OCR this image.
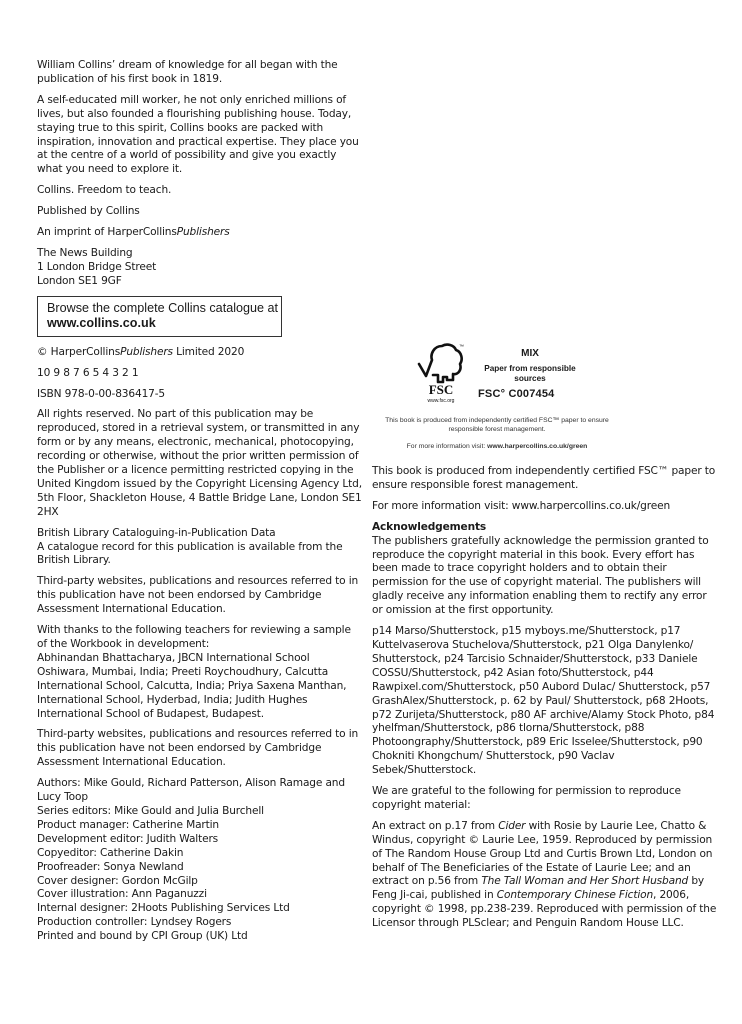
William Collins’ dream of knowledge for all began with the publication of his first book in 1819.

A self-educated mill worker, he not only enriched millions of lives, but also founded a flourishing publishing house. Today, staying true to this spirit, Collins books are packed with inspiration, innovation and practical expertise. They place you at the centre of a world of possibility and give you exactly what you need to explore it.

Collins. Freedom to teach.

Published by Collins

An imprint of HarperCollinsPublishers

The News Building
1 London Bridge Street
London SE1 9GF

Browse the complete Collins catalogue at
www.collins.co.uk

© HarperCollinsPublishers Limited 2020

10 9 8 7 6 5 4 3 2 1

ISBN 978-0-00-836417-5

All rights reserved. No part of this publication may be reproduced, stored in a retrieval system, or transmitted in any form or by any means, electronic, mechanical, photocopying, recording or otherwise, without the prior written permission of the Publisher or a licence permitting restricted copying in the United Kingdom issued by the Copyright Licensing Agency Ltd, 5th Floor, Shackleton House, 4 Battle Bridge Lane, London SE1 2HX

British Library Cataloguing-in-Publication Data
A catalogue record for this publication is available from the British Library.

Third-party websites, publications and resources referred to in this publication have not been endorsed by Cambridge Assessment International Education.

With thanks to the following teachers for reviewing a sample of the Workbook in development:
Abhinandan Bhattacharya, JBCN International School Oshiwara, Mumbai, India; Preeti Roychoudhury, Calcutta International School, Calcutta, India; Priya Saxena Manthan, International School, Hyderbad, India; Judith Hughes International School of Budapest, Budapest.

Third-party websites, publications and resources referred to in this publication have not been endorsed by Cambridge Assessment International Education.

Authors: Mike Gould, Richard Patterson, Alison Ramage and Lucy Toop
Series editors: Mike Gould and Julia Burchell
Product manager: Catherine Martin
Development editor: Judith Walters
Copyeditor: Catherine Dakin
Proofreader: Sonya Newland
Cover designer: Gordon McGilp
Cover illustration: Ann Paganuzzi
Internal designer: 2Hoots Publishing Services Ltd
Production controller: Lyndsey Rogers
Printed and bound by CPI Group (UK) Ltd

™
FSC
www.fsc.org
MIX
Paper from responsible sources
FSC° C007454
This book is produced from independently certified FSC™ paper to ensure responsible forest management.
For more information visit: www.harpercollins.co.uk/green

This book is produced from independently certified FSC™ paper to ensure responsible forest management.

For more information visit: www.harpercollins.co.uk/green

Acknowledgements
The publishers gratefully acknowledge the permission granted to reproduce the copyright material in this book. Every effort has been made to trace copyright holders and to obtain their permission for the use of copyright material. The publishers will gladly receive any information enabling them to rectify any error or omission at the first opportunity.

p14 Marso/Shutterstock, p15 myboys.me/Shutterstock, p17 Kuttelvaserova Stuchelova/Shutterstock, p21 Olga Danylenko/ Shutterstock, p24 Tarcisio Schnaider/Shutterstock, p33 Daniele COSSU/Shutterstock, p42 Asian foto/Shutterstock, p44 Rawpixel.com/Shutterstock, p50 Aubord Dulac/ Shutterstock, p57 GrashAlex/Shutterstock, p. 62 by Paul/ Shutterstock, p68 2Hoots, p72 Zurijeta/Shutterstock, p80 AF archive/Alamy Stock Photo, p84 yhelfman/Shutterstock, p86 tlorna/Shutterstock, p88 Photoongraphy/Shutterstock, p89 Eric Isselee/Shutterstock, p90 Chokniti Khongchum/ Shutterstock, p90 Vaclav Sebek/Shutterstock.

We are grateful to the following for permission to reproduce copyright material:

An extract on p.17 from Cider with Rosie by Laurie Lee, Chatto & Windus, copyright © Laurie Lee, 1959. Reproduced by permission of The Random House Group Ltd and Curtis Brown Ltd, London on behalf of The Beneficiaries of the Estate of Laurie Lee; and an extract on p.56 from The Tall Woman and Her Short Husband by Feng Ji-cai, published in Contemporary Chinese Fiction, 2006, copyright © 1998, pp.238-239. Reproduced with permission of the Licensor through PLSclear; and Penguin Random House LLC.
